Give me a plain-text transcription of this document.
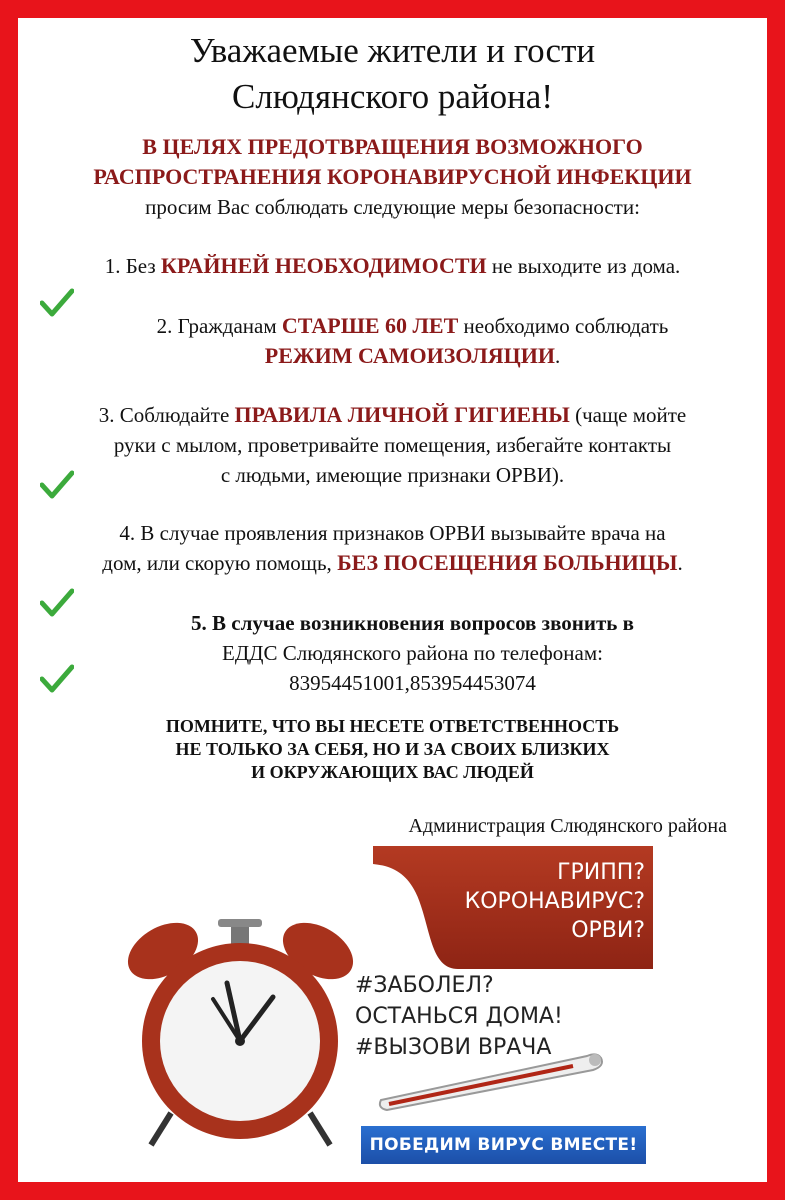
Уважаемые жители и гости
Слюдянского района!
В ЦЕЛЯХ ПРЕДОТВРАЩЕНИЯ ВОЗМОЖНОГО
РАСПРОСТРАНЕНИЯ КОРОНАВИРУСНОЙ ИНФЕКЦИИ
просим Вас соблюдать следующие меры безопасности:
1. Без КРАЙНЕЙ НЕОБХОДИМОСТИ не выходите из дома.
2. Гражданам СТАРШЕ 60 ЛЕТ необходимо соблюдать
РЕЖИМ САМОИЗОЛЯЦИИ.
3. Соблюдайте ПРАВИЛА ЛИЧНОЙ ГИГИЕНЫ (чаще мойте
руки с мылом, проветривайте помещения, избегайте контакты
с людьми, имеющие признаки ОРВИ).
4. В случае проявления признаков ОРВИ вызывайте врача на
дом, или скорую помощь, БЕЗ ПОСЕЩЕНИЯ БОЛЬНИЦЫ.
5. В случае возникновения вопросов звонить в
ЕДДС Слюдянского района по телефонам:
83954451001,853954453074
ПОМНИТЕ, ЧТО ВЫ НЕСЕТЕ ОТВЕТСТВЕННОСТЬ
НЕ ТОЛЬКО ЗА СЕБЯ, НО И ЗА СВОИХ БЛИЗКИХ
И ОКРУЖАЮЩИХ ВАС ЛЮДЕЙ
Администрация Слюдянского района
ГРИПП?
КОРОНАВИРУС?
ОРВИ?
#ЗАБОЛЕЛ?
ОСТАНЬСЯ ДОМА!
#ВЫЗОВИ ВРАЧА
ПОБЕДИМ ВИРУС ВМЕСТЕ!
